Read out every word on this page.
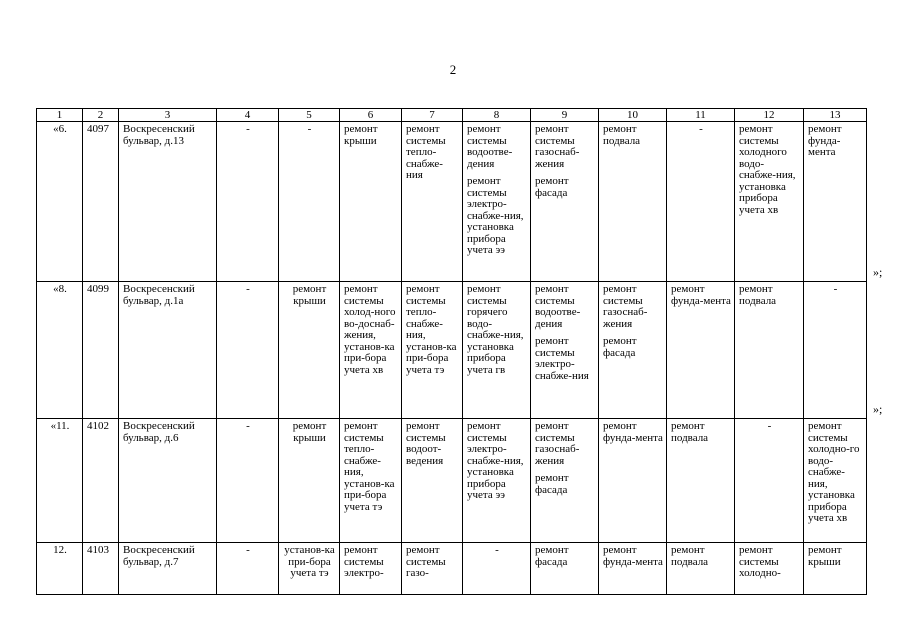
2
1	2	3	4	5	6	7	8	9	10	11	12	13
«6.	4097	Воскресенский бульвар, д.13	-	-	ремонт крыши	ремонт системы тепло-снабже-ния	ремонт системы водоотве-дения
ремонт системы электро-снабже-ния, установка прибора учета ээ	ремонт системы газоснаб-жения
ремонт фасада	ремонт подвала	-	ремонт системы холодного водо-снабже-ния, установка прибора учета хв	ремонт фунда-мента

«8.	4099	Воскресенский бульвар, д.1а	-	ремонт крыши	ремонт системы холод-ного во-доснаб-жения, установ-ка при-бора учета хв	ремонт системы тепло-снабже-ния, установ-ка при-бора учета тэ	ремонт системы горячего водо-снабже-ния, установка прибора учета гв	ремонт системы водоотве-дения
ремонт системы электро-снабже-ния	ремонт системы газоснаб-жения
ремонт фасада	ремонт фунда-мента	ремонт подвала	-

«11.	4102	Воскресенский бульвар, д.6	-	ремонт крыши	ремонт системы тепло-снабже-ния, установ-ка при-бора учета тэ	ремонт системы водоот-ведения	ремонт системы электро-снабже-ния, установка прибора учета ээ	ремонт системы газоснаб-жения
ремонт фасада	ремонт фунда-мента	ремонт подвала	-	ремонт системы холодно-го водо-снабже-ния, установка прибора учета хв

12.	4103	Воскресенский бульвар, д.7	-	установ-ка при-бора учета тэ	ремонт системы электро-	ремонт системы газо-	-	ремонт фасада	ремонт фунда-мента	ремонт подвала	ремонт системы холодно-	ремонт крыши
»;
»;
